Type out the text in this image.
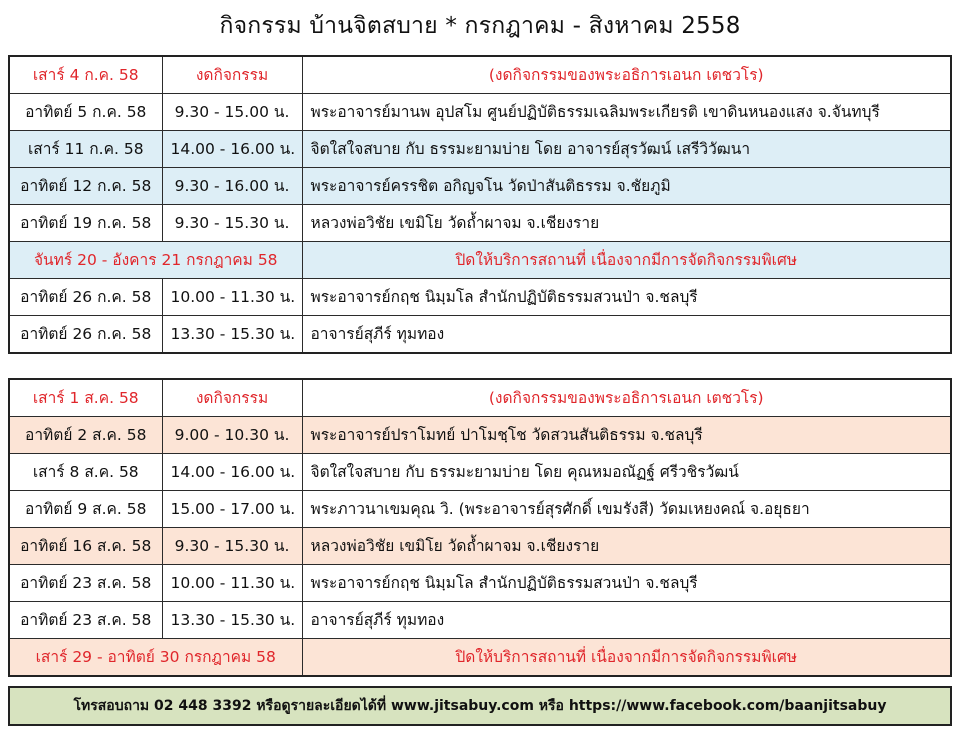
กิจกรรม บ้านจิตสบาย * กรกฎาคม - สิงหาคม 2558
เสาร์ 4 ก.ค. 58	งดกิจกรรม	(งดกิจกรรมของพระอธิการเอนก เตชวโร)
อาทิตย์ 5 ก.ค. 58	9.30 - 15.00 น.	พระอาจารย์มานพ อุปสโม ศูนย์ปฏิบัติธรรมเฉลิมพระเกียรติ เขาดินหนองแสง จ.จันทบุรี
เสาร์ 11 ก.ค. 58	14.00 - 16.00 น.	จิตใสใจสบาย กับ ธรรมะยามบ่าย โดย อาจารย์สุรวัฒน์ เสรีวิวัฒนา
อาทิตย์ 12 ก.ค. 58	9.30 - 16.00 น.	พระอาจารย์ครรชิต อกิญจโน วัดป่าสันติธรรม จ.ชัยภูมิ
อาทิตย์ 19 ก.ค. 58	9.30 - 15.30 น.	หลวงพ่อวิชัย เขมิโย วัดถ้ำผาจม จ.เชียงราย
จันทร์ 20 - อังคาร 21 กรกฎาคม 58		ปิดให้บริการสถานที่ เนื่องจากมีการจัดกิจกรรมพิเศษ
อาทิตย์ 26 ก.ค. 58	10.00 - 11.30 น.	พระอาจารย์กฤช นิมฺมโล สำนักปฏิบัติธรรมสวนป่า จ.ชลบุรี
อาทิตย์ 26 ก.ค. 58	13.30 - 15.30 น.	อาจารย์สุภีร์ ทุมทอง
เสาร์ 1 ส.ค. 58	งดกิจกรรม	(งดกิจกรรมของพระอธิการเอนก เตชวโร)
อาทิตย์ 2 ส.ค. 58	9.00 - 10.30 น.	พระอาจารย์ปราโมทย์ ปาโมชฺโช วัดสวนสันติธรรม จ.ชลบุรี
เสาร์ 8 ส.ค. 58	14.00 - 16.00 น.	จิตใสใจสบาย กับ ธรรมะยามบ่าย โดย คุณหมอณัฏฐ์ ศรีวชิรวัฒน์
อาทิตย์ 9 ส.ค. 58	15.00 - 17.00 น.	พระภาวนาเขมคุณ วิ. (พระอาจารย์สุรศักดิ์ เขมรังสี) วัดมเหยงคณ์ จ.อยุธยา
อาทิตย์ 16 ส.ค. 58	9.30 - 15.30 น.	หลวงพ่อวิชัย เขมิโย วัดถ้ำผาจม จ.เชียงราย
อาทิตย์ 23 ส.ค. 58	10.00 - 11.30 น.	พระอาจารย์กฤช นิมฺมโล สำนักปฏิบัติธรรมสวนป่า จ.ชลบุรี
อาทิตย์ 23 ส.ค. 58	13.30 - 15.30 น.	อาจารย์สุภีร์ ทุมทอง
เสาร์ 29 - อาทิตย์ 30 กรกฎาคม 58		ปิดให้บริการสถานที่ เนื่องจากมีการจัดกิจกรรมพิเศษ
โทรสอบถาม 02 448 3392 หรือดูรายละเอียดได้ที่ www.jitsabuy.com หรือ https://www.facebook.com/baanjitsabuy
